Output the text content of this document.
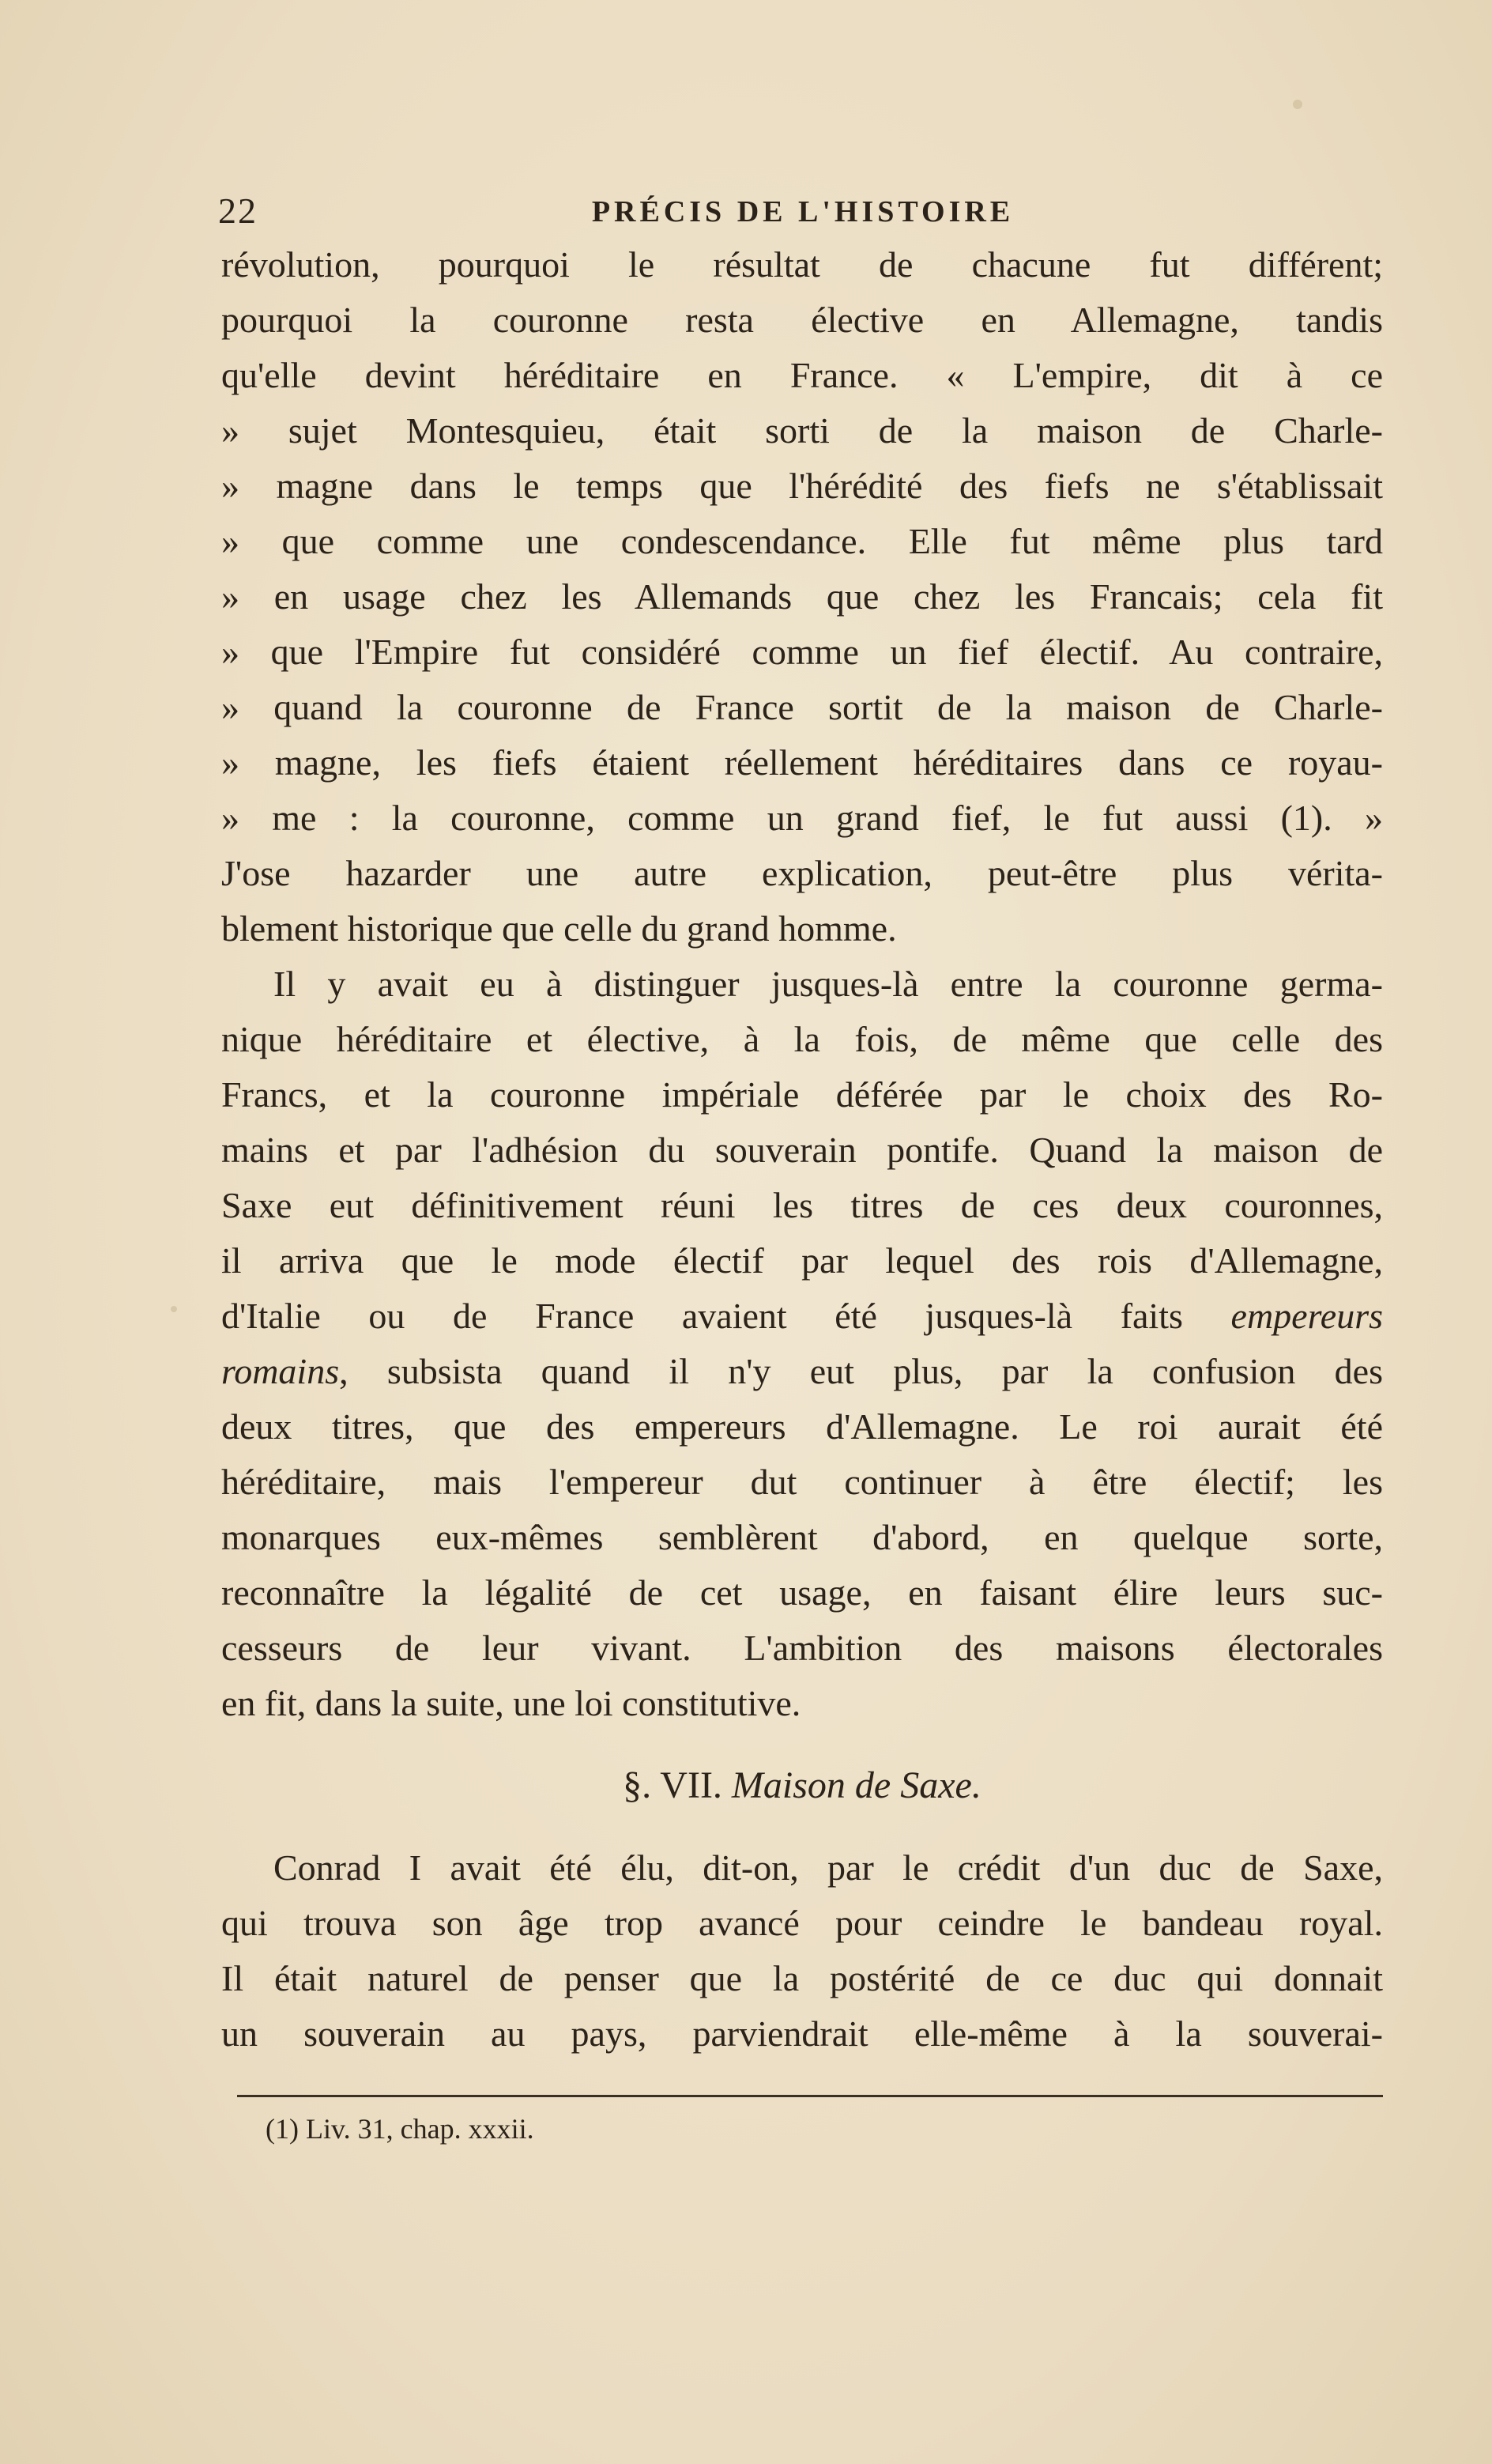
22	PRÉCIS DE L'HISTOIRE
révolution, pourquoi le résultat de chacune fut différent;
pourquoi la couronne resta élective en Allemagne, tandis
qu'elle devint héréditaire en France. « L'empire, dit à ce
» sujet Montesquieu, était sorti de la maison de Charle-
» magne dans le temps que l'hérédité des fiefs ne s'établissait
» que comme une condescendance. Elle fut même plus tard
» en usage chez les Allemands que chez les Francais; cela fit
» que l'Empire fut considéré comme un fief électif. Au contraire,
» quand la couronne de France sortit de la maison de Charle-
» magne, les fiefs étaient réellement héréditaires dans ce royau-
» me : la couronne, comme un grand fief, le fut aussi (1). »
J'ose hazarder une autre explication, peut-être plus vérita-
blement historique que celle du grand homme.
Il y avait eu à distinguer jusques-là entre la couronne germa-
nique héréditaire et élective, à la fois, de même que celle des
Francs, et la couronne impériale déférée par le choix des Ro-
mains et par l'adhésion du souverain pontife. Quand la maison de
Saxe eut définitivement réuni les titres de ces deux couronnes,
il arriva que le mode électif par lequel des rois d'Allemagne,
d'Italie ou de France avaient été jusques-là faits empereurs
romains, subsista quand il n'y eut plus, par la confusion des
deux titres, que des empereurs d'Allemagne. Le roi aurait été
héréditaire, mais l'empereur dut continuer à être électif; les
monarques eux-mêmes semblèrent d'abord, en quelque sorte,
reconnaître la légalité de cet usage, en faisant élire leurs suc-
cesseurs de leur vivant. L'ambition des maisons électorales
en fit, dans la suite, une loi constitutive.
§. VII. Maison de Saxe.
Conrad I avait été élu, dit-on, par le crédit d'un duc de Saxe,
qui trouva son âge trop avancé pour ceindre le bandeau royal.
Il était naturel de penser que la postérité de ce duc qui donnait
un souverain au pays, parviendrait elle-même à la souverai-
(1) Liv. 31, chap. xxxii.
